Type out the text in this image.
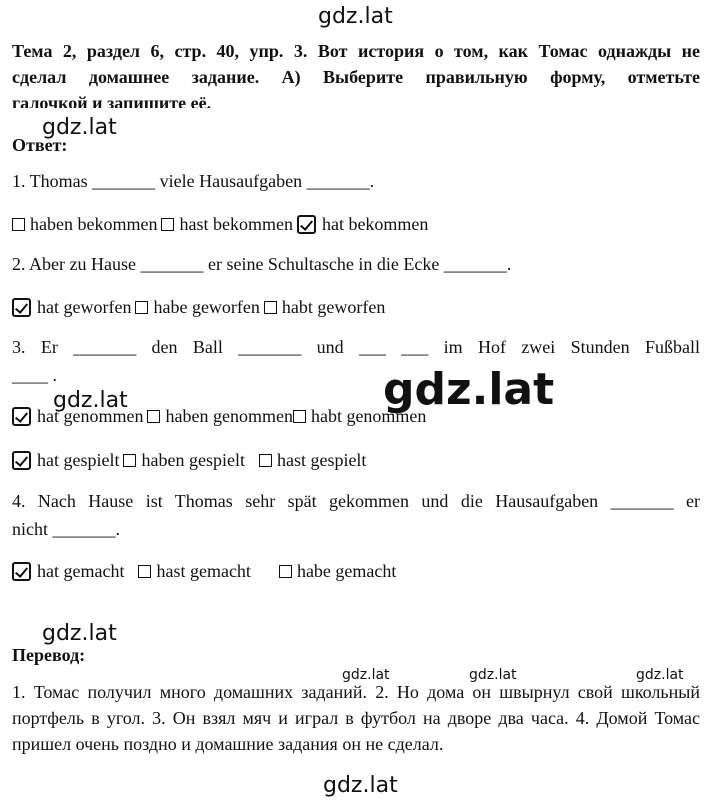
gdz.lat
gdz.lat
gdz.lat
gdz.lat
gdz.lat
gdz.lat	gdz.lat	gdz.lat
gdz.lat
Тема 2, раздел 6, стр. 40, упр. 3. Вот история о том, как Томас однажды не
сделал домашнее задание. А) Выберите правильную форму, отметьте
галочкой и запишите её.
Ответ:
1. Thomas _______ viele Hausaufgaben _______.
haben bekommen hast bekommen hat bekommen
2. Aber zu Hause _______ er seine Schultasche in die Ecke _______.
hat geworfen habe geworfen habt geworfen
3. Er _______ den Ball _______ und ___ ___ im Hof zwei Stunden Fußball
____ .
hat genommen haben genommen habt genommen
hat gespielt haben gespielt hast gespielt
4. Nach Hause ist Thomas sehr spät gekommen und die Hausaufgaben _______ er
nicht _______.
hat gemacht hast gemacht	habe gemacht
Перевод:
1. Томас получил много домашних заданий. 2. Но дома он швырнул свой школьный портфель в угол. 3. Он взял мяч и играл в футбол на дворе два часа. 4. Домой Томас пришел очень поздно и домашние задания он не сделал.
